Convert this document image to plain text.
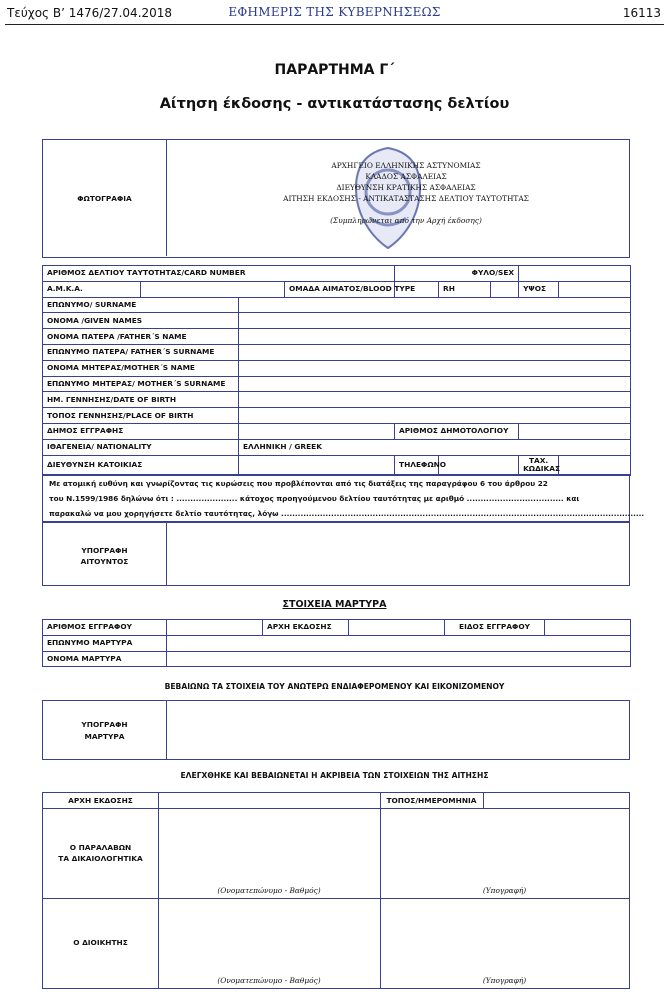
Τεύχος Β’ 1476/27.04.2018	ΕΦΗΜΕΡΙΣ ΤΗΣ ΚΥΒΕΡΝΗΣΕΩΣ	16113
ΠΑΡΑΡΤΗΜΑ Γ΄
Αίτηση έκδοσης - αντικατάστασης δελτίου
ΦΩΤΟΓΡΑΦΙΑ
ΑΡΧΗΓΕΙΟ ΕΛΛΗΝΙΚΗΣ ΑΣΤΥΝΟΜΙΑΣ
ΚΛΑΔΟΣ ΑΣΦΑΛΕΙΑΣ
ΔΙΕΥΘΥΝΣΗ ΚΡΑΤΙΚΗΣ ΑΣΦΑΛΕΙΑΣ
ΑΙΤΗΣΗ ΕΚΔΟΣΗΣ - ΑΝΤΙΚΑΤΑΣΤΑΣΗΣ ΔΕΛΤΙΟΥ ΤΑΥΤΟΤΗΤΑΣ
(Συμπληρώνεται από την Αρχή έκδοσης)
ΑΡΙΘΜΟΣ ΔΕΛΤΙΟΥ ΤΑΥΤΟΤΗΤΑΣ/CARD NUMBER				ΦΥΛΟ/SEX				
Α.Μ.Κ.Α.			ΟΜΑΔΑ ΑΙΜΑΤΟΣ/BLOOD TYPE		RH		ΥΨΟΣ	
ΕΠΩΝΥΜΟ/ SURNAME								
ΟΝΟΜΑ /GIVEN NAMES								
ΟΝΟΜΑ ΠΑΤΕΡΑ /FATHER΄S NAME								
ΕΠΩΝΥΜΟ ΠΑΤΕΡΑ/ FATHER΄S SURNAME								
ΟΝΟΜΑ ΜΗΤΕΡΑΣ/MOTHER΄S NAME								
ΕΠΩΝΥΜΟ ΜΗΤΕΡΑΣ/ MOTHER΄S SURNAME								
ΗΜ. ΓΕΝΝΗΣΗΣ/DATE OF BIRTH								
ΤΟΠΟΣ ΓΕΝΝΗΣΗΣ/PLACE OF BIRTH								
ΔΗΜΟΣ ΕΓΓΡΑΦΗΣ				ΑΡΙΘΜΟΣ ΔΗΜΟΤΟΛΟΓΙΟΥ				
ΙΘΑΓΕΝΕΙΑ/ NATIONALITY		ΕΛΛΗΝΙΚΗ / GREEK						
ΔΙΕΥΘΥΝΣΗ ΚΑΤΟΙΚΙΑΣ				ΤΗΛΕΦΩΝΟ			ΤΑΧ.
ΚΩΔΙΚΑΣ	
Με ατομική ευθύνη και γνωρίζοντας τις κυρώσεις που προβλέπονται από τις διατάξεις της παραγράφου 6 του άρθρου 22
του Ν.1599/1986 δηλώνω ότι : ...................... κάτοχος προηγούμενου δελτίου ταυτότητας με αριθμό ................................... και
παρακαλώ να μου χορηγήσετε δελτίο ταυτότητας, λόγω ...................................................................................................................................
ΥΠΟΓΡΑΦΗ
ΑΙΤΟΥΝΤΟΣ
ΣΤΟΙΧΕΙΑ ΜΑΡΤΥΡΑ
ΑΡΙΘΜΟΣ ΕΓΓΡΑΦΟΥ		ΑΡΧΗ ΕΚΔΟΣΗΣ		ΕΙΔΟΣ ΕΓΓΡΑΦΟΥ	
ΕΠΩΝΥΜΟ ΜΑΡΤΥΡΑ					
ΟΝΟΜΑ ΜΑΡΤΥΡΑ					
ΒΕΒΑΙΩΝΩ ΤΑ ΣΤΟΙΧΕΙΑ ΤΟΥ ΑΝΩΤΕΡΩ ΕΝΔΙΑΦΕΡΟΜΕΝΟΥ ΚΑΙ ΕΙΚΟΝΙΖΟΜΕΝΟΥ
ΥΠΟΓΡΑΦΗ
ΜΑΡΤΥΡΑ
ΕΛΕΓΧΘΗΚΕ ΚΑΙ ΒΕΒΑΙΩΝΕΤΑΙ Η ΑΚΡΙΒΕΙΑ ΤΩΝ ΣΤΟΙΧΕΙΩΝ ΤΗΣ ΑΙΤΗΣΗΣ
ΑΡΧΗ ΕΚΔΟΣΗΣ	ΤΟΠΟΣ/ΗΜΕΡΟΜΗΝΙΑ
Ο ΠΑΡΑΛΑΒΩΝ
ΤΑ ΔΙΚΑΙΟΛΟΓΗΤΙΚΑ
(Ονοματεπώνυμο - Βαθμός)	(Υπογραφή)
Ο ΔΙΟΙΚΗΤΗΣ
(Ονοματεπώνυμο - Βαθμός)	(Υπογραφή)
